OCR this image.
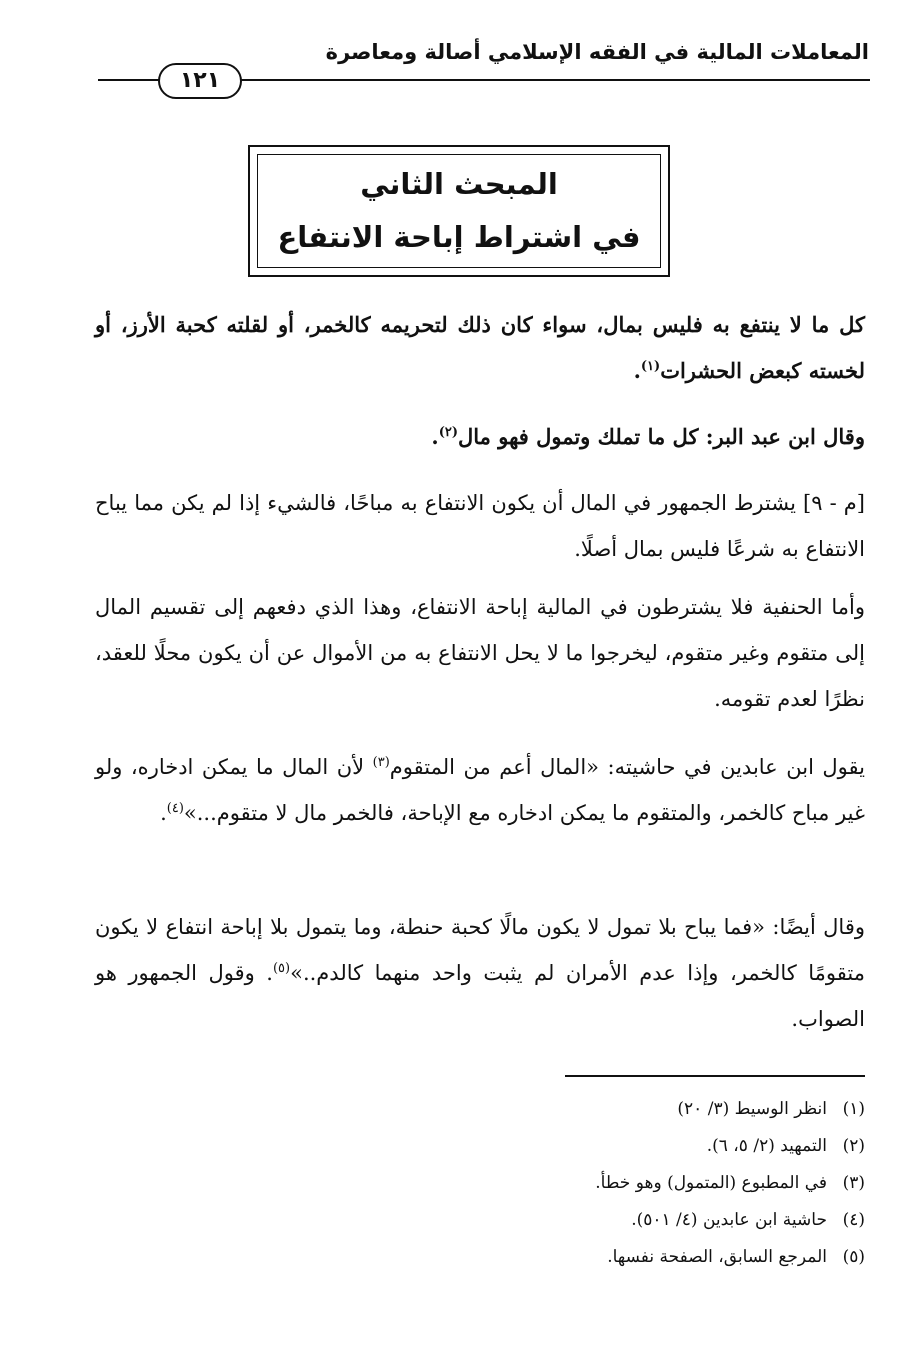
المعاملات المالية في الفقه الإسلامي أصالة ومعاصرة
١٢١
المبحث الثاني
في اشتراط إباحة الانتفاع
كل ما لا ينتفع به فليس بمال، سواء كان ذلك لتحريمه كالخمر، أو لقلته كحبة الأرز، أو لخسته كبعض الحشرات$^{(١)}$.
وقال ابن عبد البر: كل ما تملك وتمول فهو مال$^{(٢)}$.
[م - ٩] يشترط الجمهور في المال أن يكون الانتفاع به مباحًا، فالشيء إذا لم يكن مما يباح الانتفاع به شرعًا فليس بمال أصلًا.
وأما الحنفية فلا يشترطون في المالية إباحة الانتفاع، وهذا الذي دفعهم إلى تقسيم المال إلى متقوم وغير متقوم، ليخرجوا ما لا يحل الانتفاع به من الأموال عن أن يكون محلًا للعقد، نظرًا لعدم تقومه.
يقول ابن عابدين في حاشيته: «المال أعم من المتقوم$^{(٣)}$ لأن المال ما يمكن ادخاره، ولو غير مباح كالخمر، والمتقوم ما يمكن ادخاره مع الإباحة، فالخمر مال لا متقوم...»$^{(٤)}$.
وقال أيضًا: «فما يباح بلا تمول لا يكون مالًا كحبة حنطة، وما يتمول بلا إباحة انتفاع لا يكون متقومًا كالخمر، وإذا عدم الأمران لم يثبت واحد منهما كالدم..»$^{(٥)}$. وقول الجمهور هو الصواب.
(١)انظر الوسيط (٣/ ٢٠)
(٢)التمهيد (٢/ ٥، ٦).
(٣)في المطبوع (المتمول) وهو خطأ.
(٤)حاشية ابن عابدين (٤/ ٥٠١).
(٥)المرجع السابق، الصفحة نفسها.
